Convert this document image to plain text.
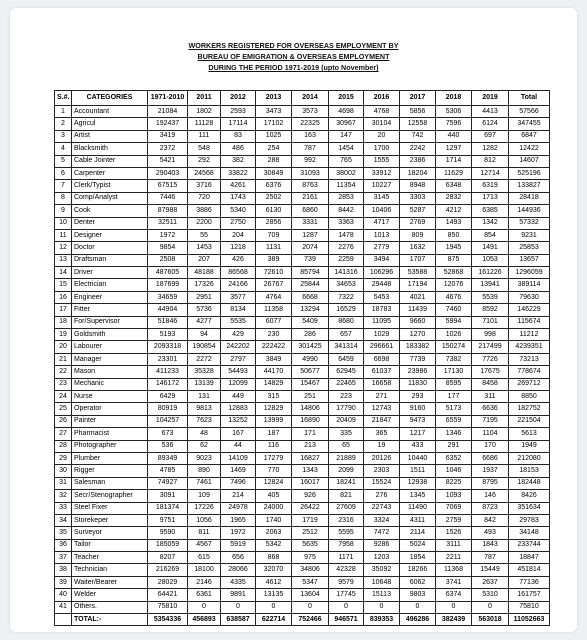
WORKERS REGISTERED FOR OVERSEAS EMPLOYMENT BY
BUREAU OF EMIGRATION & OVERSEAS EMPLOYMENT
DURING THE PERIOD 1971-2019 (upto November)
S.#.	CATEGORIES	1971-2010	2011	2012	2013	2014	2015	2016	2017	2018	2019	Total
1	Accountant	21084	1802	2593	3473	3573	4698	4768	5856	5306	4413	57566
2	Agricul	192437	11128	17114	17102	22325	30967	30104	12558	7596	6124	347455
3	Artist	3419	111	83	1025	163	147	20	742	440	697	6847
4	Blacksmith	2372	548	486	254	787	1454	1700	2242	1297	1282	12422
5	Cable Jointer	5421	292	382	288	992	765	1555	2386	1714	812	14607
6	Carpenter	290403	24568	33822	30849	31093	38002	33912	18204	11629	12714	525196
7	Clerk/Typist	67515	3716	4261	6376	8763	11354	10227	8948	6348	6319	133827
8	Comp/Analyst	7446	720	1743	2502	2161	2853	3145	3303	2832	1713	28418
9	Cook	87988	3886	5340	6130	6860	8442	10406	5287	4212	6385	144936
10	Denter	32511	2200	2750	2856	3331	3363	4717	2769	1493	1342	57332
11	Designer	1972	55	204	709	1287	1478	1013	809	850	854	9231
12	Doctor	9854	1453	1218	1131	2074	2276	2779	1632	1945	1491	25853
13	Draftsman	2508	207	426	389	739	2259	3494	1707	875	1053	13657
14	Driver	487605	48188	86568	72610	85794	141316	106296	53588	52868	161226	1296059
15	Electrician	187699	17326	24166	26767	25844	34653	29448	17194	12076	13941	389114
16	Engineer	34659	2951	3577	4764	6668	7322	5453	4021	4676	5539	79630
17	Fitter	44904	5736	8134	11358	13294	16529	18783	11439	7460	8592	146229
18	For/Supervisor	51846	4277	5535	6077	5409	8680	11095	9660	5994	7101	115674
19	Goldsmith	5193	94	429	230	286	657	1029	1270	1026	998	11212
20	Labourer	2093318	190854	242202	222422	301425	341314	296661	183382	150274	217499	4239351
21	Manager	23301	2272	2797	3849	4990	6459	6698	7739	7382	7726	73213
22	Mason	411233	35328	54493	44170	50677	62945	61037	23986	17130	17675	778674
23	Mechanic	146172	13139	12099	14829	15467	22465	16658	11830	8595	8458	269712
24	Nurse	6429	131	449	315	251	223	271	293	177	311	8850
25	Operator	80919	9813	12883	12829	14806	17790	12743	9160	5173	6636	182752
26	Painter	104257	7623	13252	13999	16890	20409	21847	9473	6559	7195	221504
27	Pharmacist	673	48	167	187	171	335	365	1217	1346	1104	5613
28	Photographer	536	62	44	116	213	65	19	433	291	170	1949
29	Plumber	89349	9023	14109	17279	16827	21889	20126	10440	6352	6686	212080
30	Rigger	4785	890	1469	770	1343	2099	2303	1511	1046	1937	18153
31	Salesman	74927	7461	7496	12824	16017	18241	15524	12938	8225	8795	182448
32	Secr/Stenographer	3091	109	214	405	926	821	276	1345	1093	146	8426
33	Steel Fixer	181374	17226	24978	24000	26422	27609	22743	11490	7069	8723	351634
34	Storekeper	9751	1056	1965	1740	1719	2316	3324	4311	2759	842	29783
35	Surveyor	9590	811	1972	2063	2512	5595	7472	2114	1526	493	34148
36	Tailor	185059	4567	5919	5342	5635	7958	9286	5024	3111	1843	233744
37	Teacher	8207	615	656	868	975	1171	1203	1854	2211	787	18847
38	Technician	216269	18100	28066	32070	34806	42328	35092	18266	11368	15449	451814
39	Waiter/Bearer	28029	2146	4335	4612	5347	9579	10648	6062	3741	2637	77136
40	Welder	64421	6361	9891	13135	13604	17745	15113	9803	6374	5310	161757
41	Others.	75810	0	0	0	0	0	0	0	0	0	75810
	TOTAL:-	5354336	456893	638587	622714	752466	946571	839353	496286	382439	563018	11052663
